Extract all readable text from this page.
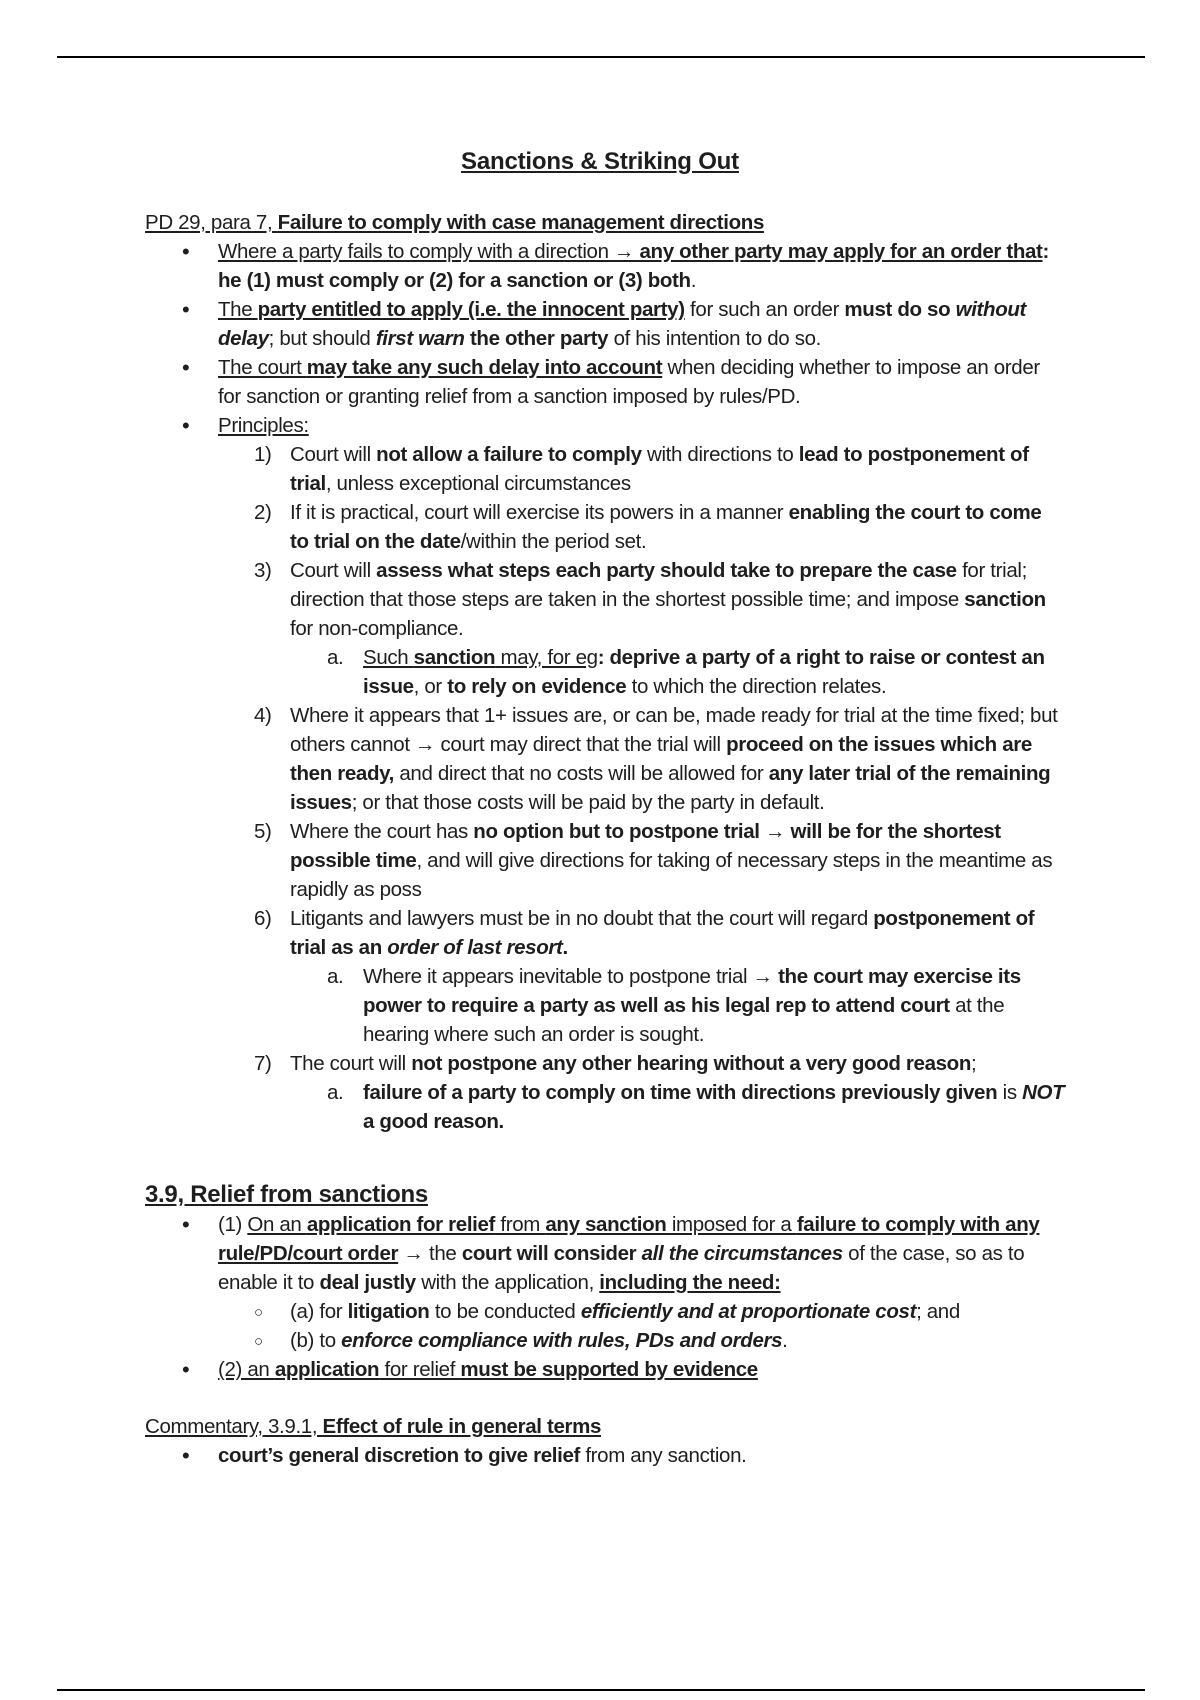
Sanctions & Striking Out

PD 29, para 7, Failure to comply with case management directions

• Where a party fails to comply with a direction → any other party may apply for an order that: he (1) must comply or (2) for a sanction or (3) both.
• The party entitled to apply (i.e. the innocent party) for such an order must do so without delay; but should first warn the other party of his intention to do so.
• The court may take any such delay into account when deciding whether to impose an order for sanction or granting relief from a sanction imposed by rules/PD.
• Principles:
1) Court will not allow a failure to comply with directions to lead to postponement of trial, unless exceptional circumstances
2) If it is practical, court will exercise its powers in a manner enabling the court to come to trial on the date/within the period set.
3) Court will assess what steps each party should take to prepare the case for trial; direction that those steps are taken in the shortest possible time; and impose sanction for non-compliance.
a. Such sanction may, for eg: deprive a party of a right to raise or contest an issue, or to rely on evidence to which the direction relates.
4) Where it appears that 1+ issues are, or can be, made ready for trial at the time fixed; but others cannot → court may direct that the trial will proceed on the issues which are then ready, and direct that no costs will be allowed for any later trial of the remaining issues; or that those costs will be paid by the party in default.
5) Where the court has no option but to postpone trial → will be for the shortest possible time, and will give directions for taking of necessary steps in the meantime as rapidly as poss
6) Litigants and lawyers must be in no doubt that the court will regard postponement of trial as an order of last resort.
a. Where it appears inevitable to postpone trial → the court may exercise its power to require a party as well as his legal rep to attend court at the hearing where such an order is sought.
7) The court will not postpone any other hearing without a very good reason;
a. failure of a party to comply on time with directions previously given is NOT a good reason.

3.9, Relief from sanctions

• (1) On an application for relief from any sanction imposed for a failure to comply with any rule/PD/court order → the court will consider all the circumstances of the case, so as to enable it to deal justly with the application, including the need:
○ (a) for litigation to be conducted efficiently and at proportionate cost; and
○ (b) to enforce compliance with rules, PDs and orders.
• (2) an application for relief must be supported by evidence

Commentary, 3.9.1, Effect of rule in general terms

• court’s general discretion to give relief from any sanction.
